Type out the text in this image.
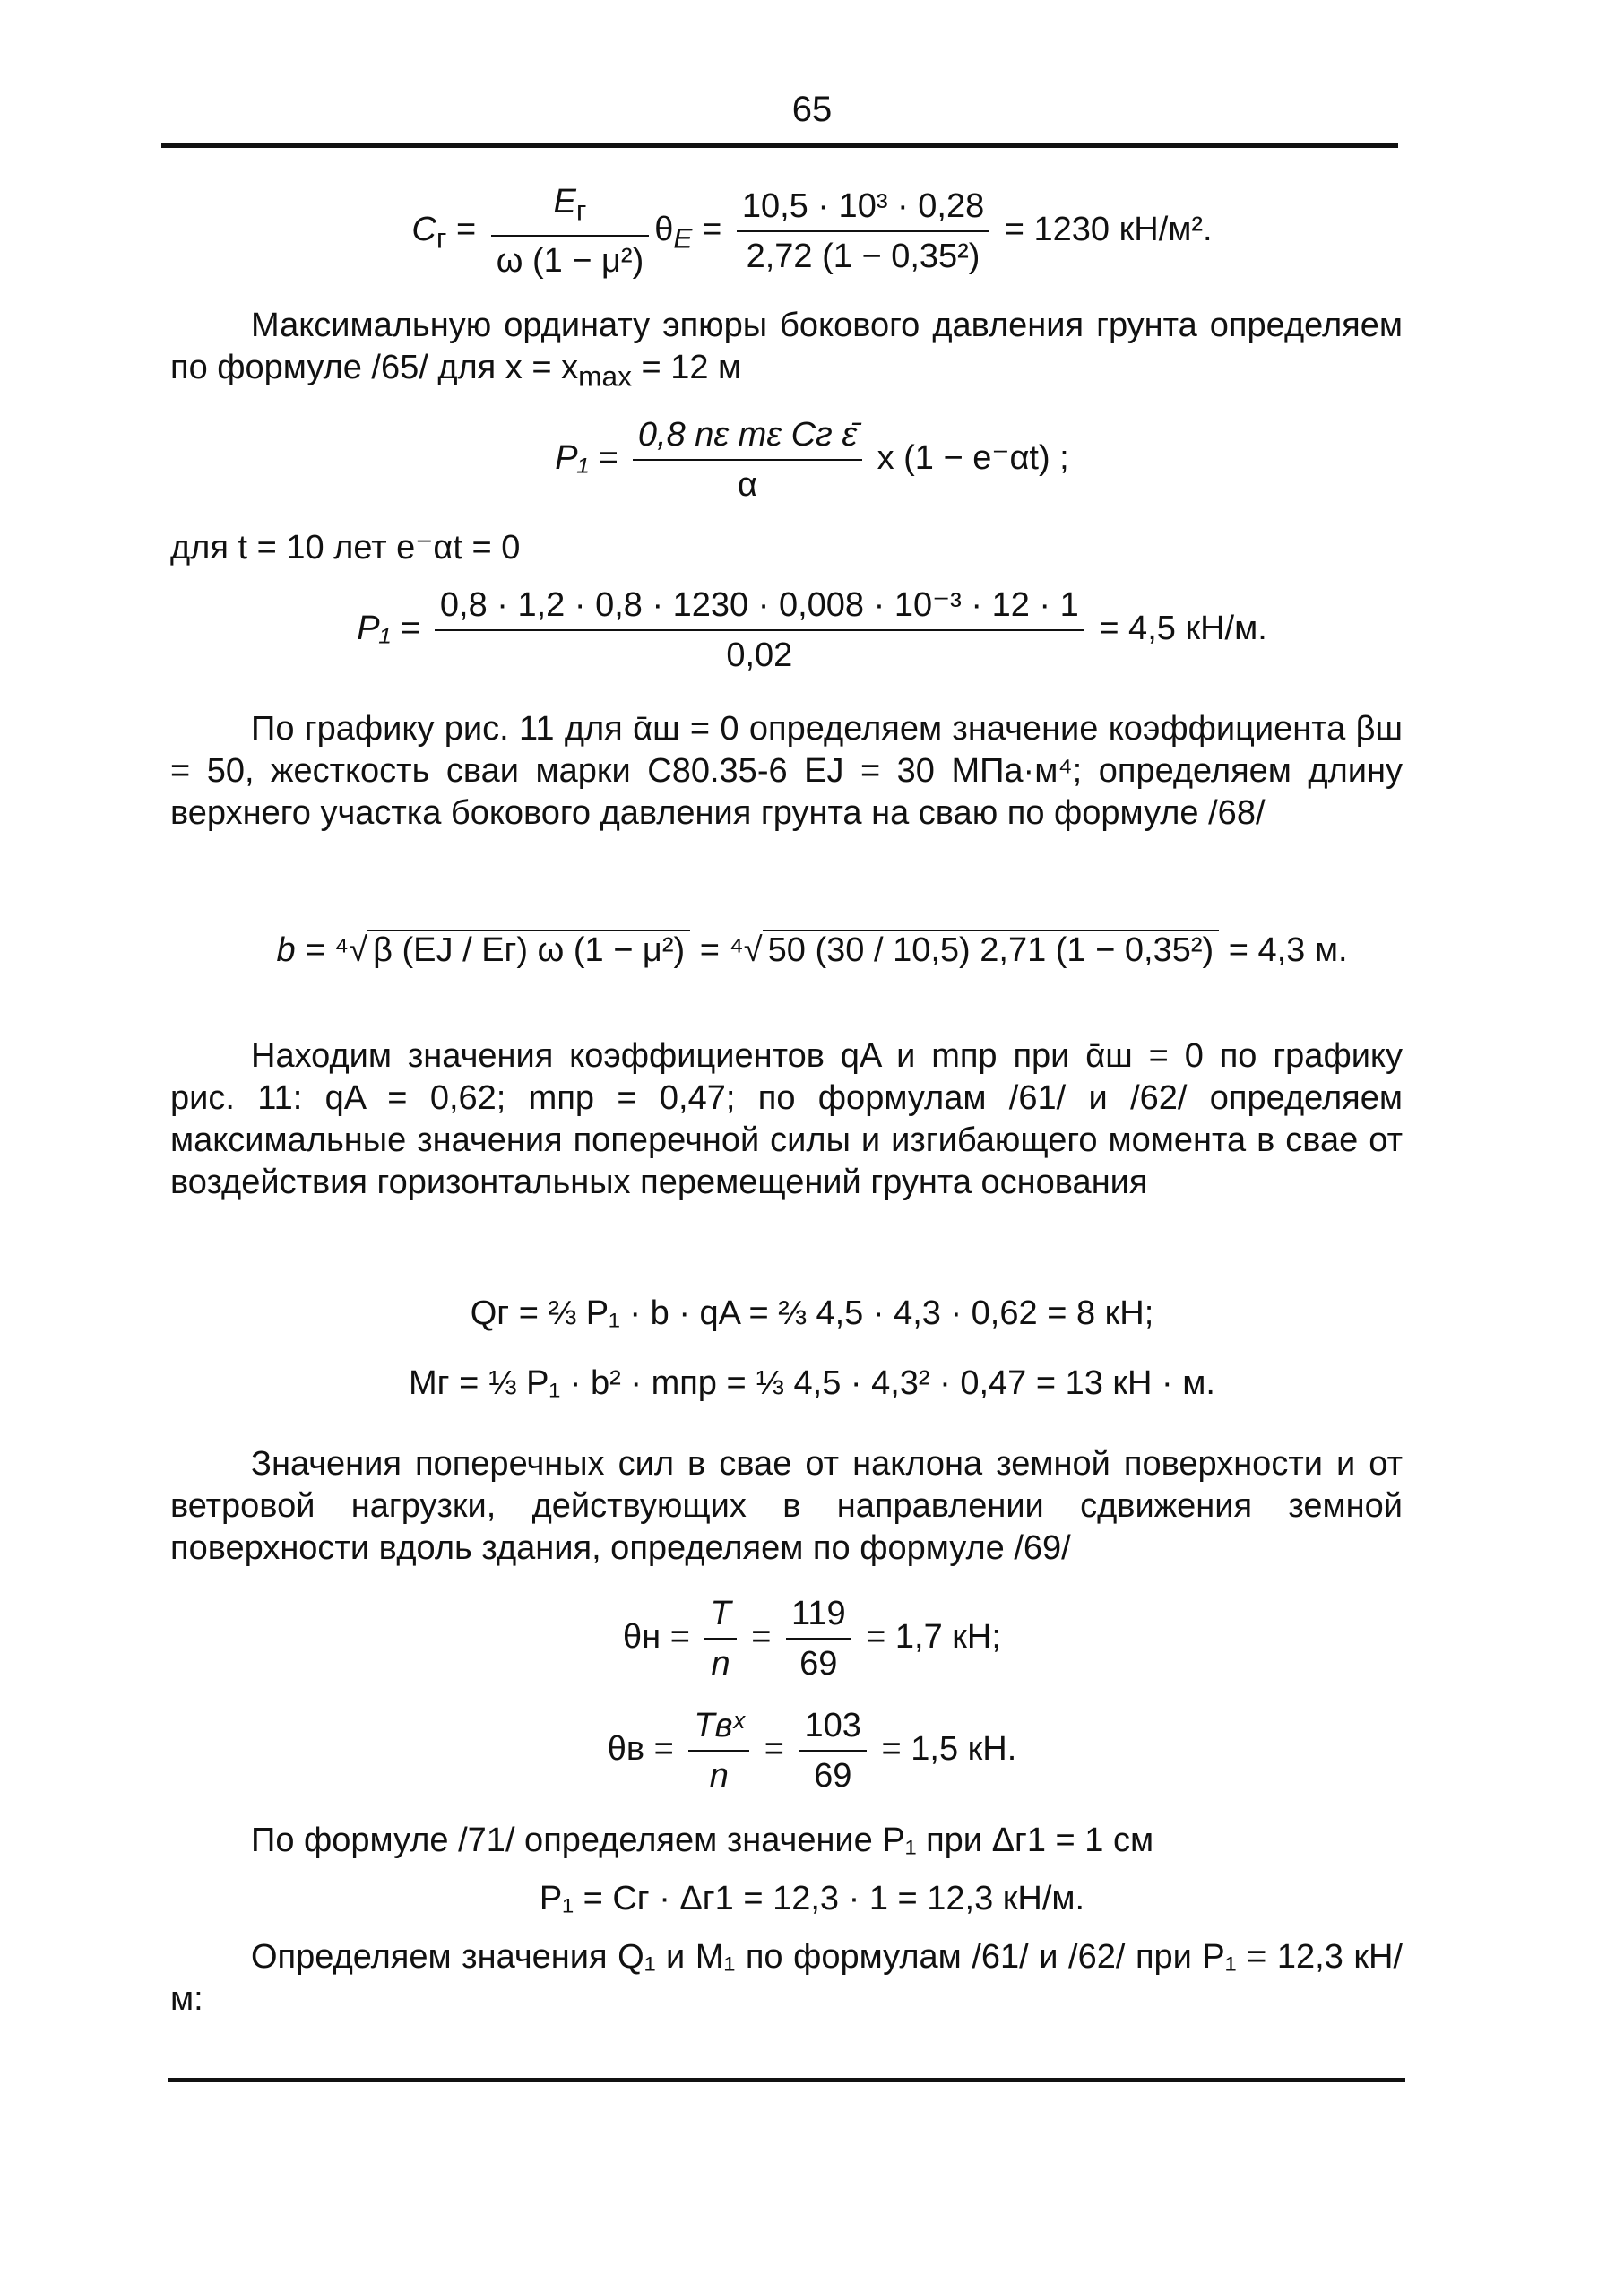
65
$C_г = \frac{E_г}{\text{ω (1 − μ²)}} \theta_E = \frac{\text{10,5 · 10³ · 0,28}}{\text{2,72 (1 − 0,35²)}} = 1230$ кН/м².
Максимальную ординату эпюры бокового давления грунта определяем по формуле /65/ для $x = x_{max} = 12$ м
$P_1 = \frac{\text{0,8 nε mε Cг ε̄}}{\alpha}$ x (1 − e⁻αt) ;
для t = 10 лет e⁻αt = 0
$P_1 = \frac{\text{0,8 · 1,2 · 0,8 · 1230 · 0,008 · 10⁻³ · 12 · 1}}{0,02} = 4,5$ кН/м.
По графику рис. 11 для ᾱш = 0 определяем значение коэффициента βш = 50, жесткость сваи марки С80.35-6 EJ = 30 МПа·м⁴; определяем длину верхнего участка бокового давления грунта на сваю по формуле /68/
b = ⁴√ β (EJ / Eг) ω (1 − μ²) = ⁴√ 50 (30 / 10,5) 2,71 (1 − 0,35²) = 4,3 м.
Находим значения коэффициентов qA и mпр при ᾱш = 0 по графику рис. 11: qA = 0,62; mпр = 0,47; по формулам /61/ и /62/ определяем максимальные значения поперечной силы и изгибающего момента в свае от воздействия горизонтальных перемещений грунта основания
Qг = ⅔ P₁ · b · qA = ⅔ 4,5 · 4,3 · 0,62 = 8 кН;
Mг = ⅓ P₁ · b² · mпр = ⅓ 4,5 · 4,3² · 0,47 = 13 кН · м.
Значения поперечных сил в свае от наклона земной поверхности и от ветровой нагрузки, действующих в направлении сдвижения земной поверхности вдоль здания, определяем по формуле /69/
$\theta н = \frac{T}{n} = \frac{119}{69} = 1,7$ кН;
$\theta в = \frac{\text{Tвˣ}}{n} = \frac{103}{69} = 1,5$ кН.
По формуле /71/ определяем значение P₁ при Δг1 = 1 см
P₁ = Cг · Δг1 = 12,3 · 1 = 12,3 кН/м.
Определяем значения Q₁ и M₁ по формулам /61/ и /62/ при P₁ = 12,3 кН/м:
